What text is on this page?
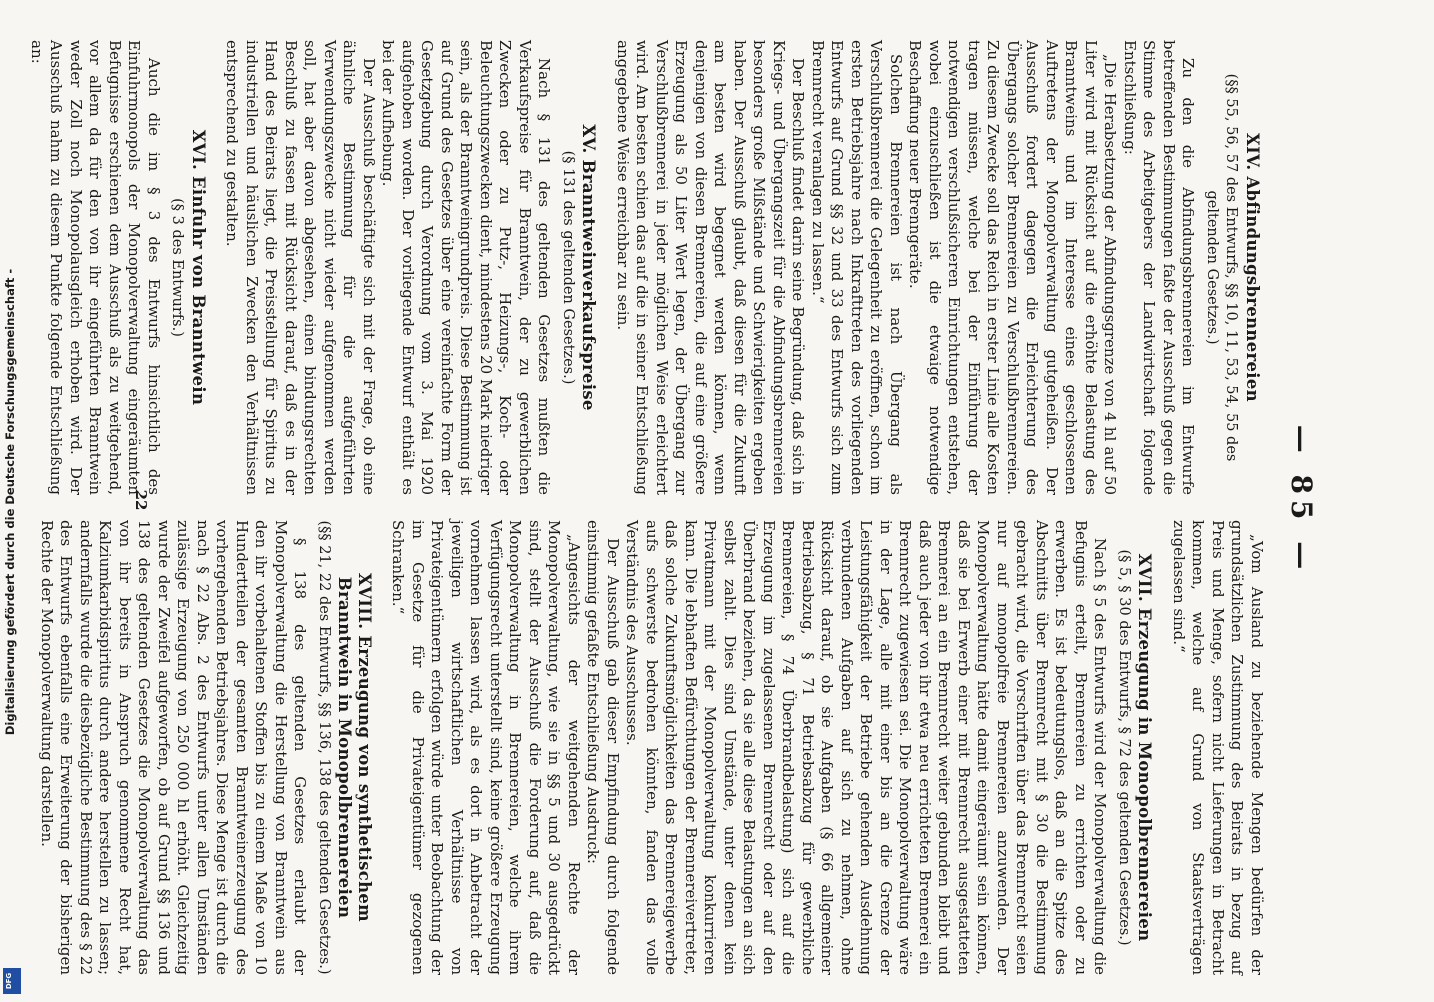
Digitalisierung gefördert durch die Deutsche Forschungsgemeinschaft -
DFG
— 85 —
XIV. Abfindungsbrennereien
(§§ 55, 56, 57 des Entwurfs, §§ 10, 11, 53, 54, 55 des geltenden Gesetzes.)

Zu den die Abfindungsbrennereien im Entwurfe betreffenden Bestimmungen faßte der Ausschuß gegen die Stimme des Arbeitgebers der Landwirtschaft folgende Entschließung:

„Die Herabsetzung der Abfindungsgrenze von 4 hl auf 50 Liter wird mit Rücksicht auf die erhöhte Belastung des Branntweins und im Interesse eines geschlossenen Auftretens der Monopolverwaltung gutgeheißen. Der Ausschuß fordert dagegen die Erleichterung des Übergangs solcher Brennereien zu Verschlußbrennereien. Zu diesem Zwecke soll das Reich in erster Linie alle Kosten tragen müssen, welche bei der Einführung der notwendigen verschlußsicheren Einrichtungen entstehen, wobei einzuschließen ist die etwaige notwendige Beschaffung neuer Brenngeräte.

Solchen Brennereien ist nach Übergang als Verschlußbrennerei die Gelegenheit zu eröffnen, schon im ersten Betriebsjahre nach Inkrafttreten des vorliegenden Entwurfs auf Grund §§ 32 und 33 des Entwurfs sich zum Brennrecht veranlagen zu lassen.“

Der Beschluß findet darin seine Begründung, daß sich in Kriegs- und Übergangszeit für die Abfindungsbrennereien besonders große Mißstände und Schwierigkeiten ergeben haben. Der Ausschuß glaubt, daß diesen für die Zukunft am besten wird begegnet werden können, wenn denjenigen von diesen Brennereien, die auf eine größere Erzeugung als 50 Liter Wert legen, der Übergang zur Verschlußbrennerei in jeder möglichen Weise erleichtert wird. Am besten schien das auf die in seiner Entschließung angegebene Weise erreichbar zu sein.

XV. Branntweinverkaufspreise
(§ 131 des geltenden Gesetzes.)

Nach § 131 des geltenden Gesetzes mußten die Verkaufspreise für Branntwein, der zu gewerblichen Zwecken oder zu Putz-, Heizungs-, Koch- oder Beleuchtungszwecken dient, mindestens 20 Mark niedriger sein, als der Branntweingrundpreis. Diese Bestimmung ist auf Grund des Gesetzes über eine vereinfachte Form der Gesetzgebung durch Verordnung vom 3. Mai 1920 aufgehoben worden. Der vorliegende Entwurf enthält es bei der Aufhebung.

Der Ausschuß beschäftigte sich mit der Frage, ob eine ähnliche Bestimmung für die aufgeführten Verwendungszwecke nicht wieder aufgenommen werden soll, hat aber davon abgesehen, einen bindungsrechten Beschluß zu fassen mit Rücksicht darauf, daß es in der Hand des Beirats liegt, die Preisstellung für Spiritus zu industriellen und häuslichen Zwecken den Verhältnissen entsprechend zu gestalten.

XVI. Einfuhr von Branntwein
(§ 3 des Entwurfs.)

Auch die im § 3 des Entwurfs hinsichtlich des Einfuhrmonopols der Monopolverwaltung eingeräumten Befugnisse erschienen dem Ausschuß als zu weitgehend, vor allem da für den von ihr eingeführten Branntwein weder Zoll noch Monopolausgleich erhoben wird. Der Ausschuß nahm zu diesem Punkte folgende Entschließung an:

„Vom Ausland zu beziehende Mengen bedürfen der grundsätzlichen Zustimmung des Beirats in bezug auf Preis und Menge, sofern nicht Lieferungen in Betracht kommen, welche auf Grund von Staatsverträgen zugelassen sind.“

XVII. Erzeugung in Monopolbrennereien
(§ 5, § 30 des Entwurfs, § 72 des geltenden Gesetzes.)

Nach § 5 des Entwurfs wird der Monopolverwaltung die Befugnis erteilt, Brennereien zu errichten oder zu erwerben. Es ist bedeutungslos, daß an die Spitze des Abschnitts über Brennrecht mit § 30 die Bestimmung gebracht wird, die Vorschriften über das Brennrecht seien nur auf monopolfreie Brennereien anzuwenden. Der Monopolverwaltung hätte damit eingeräumt sein können, daß sie bei Erwerb einer mit Brennrecht ausgestatteten Brennerei an ein Brennrecht weiter gebunden bleibt und daß auch jeder von ihr etwa neu errichteten Brennerei ein Brennrecht zugewiesen sei. Die Monopolverwaltung wäre in der Lage, alle mit einer bis an die Grenze der Leistungsfähigkeit der Betriebe gehenden Ausdehnung verbundenen Aufgaben auf sich zu nehmen, ohne Rücksicht darauf, ob sie Aufgaben (§ 66 allgemeiner Betriebsabzug, § 71 Betriebsabzug für gewerbliche Brennereien, § 74 Überbrandbelastung) sich auf die Erzeugung im zugelassenen Brennrecht oder auf den Überbrand beziehen, da sie alle diese Belastungen an sich selbst zahlt. Dies sind Umstände, unter denen kein Privatmann mit der Monopolverwaltung konkurrieren kann. Die lebhaften Befürchtungen der Brennereivertreter, daß solche Zukunftsmöglichkeiten das Brennereigewerbe aufs schwerste bedrohen könnten, fanden das volle Verständnis des Ausschusses.

Der Ausschuß gab dieser Empfindung durch folgende einstimmig gefaßte Entschließung Ausdruck:

„Angesichts der weitgehenden Rechte der Monopolverwaltung, wie sie in §§ 5 und 30 ausgedrückt sind, stellt der Ausschuß die Forderung auf, daß die Monopolverwaltung in Brennereien, welche ihrem Verfügungsrecht unterstellt sind, keine größere Erzeugung vornehmen lassen wird, als es dort in Anbetracht der jeweiligen wirtschaftlichen Verhältnisse von Privateigentümern erfolgen würde unter Beobachtung der im Gesetze für die Privateigentümer gezogenen Schranken.“

XVIII. Erzeugung von synthetischem Branntwein in Monopolbrennereien
(§§ 21, 22 des Entwurfs, §§ 136, 138 des geltenden Gesetzes.)

§ 138 des geltenden Gesetzes erlaubt der Monopolverwaltung die Herstellung von Branntwein aus den ihr vorbehaltenen Stoffen bis zu einem Maße von 10 Hundertteilen der gesamten Branntweinerzeugung des vorhergehenden Betriebsjahres. Diese Menge ist durch die nach § 22 Abs. 2 des Entwurfs unter allen Umständen zulässige Erzeugung von 250 000 hl erhöht. Gleichzeitig wurde der Zweifel aufgeworfen, ob auf Grund §§ 136 und 138 des geltenden Gesetzes die Monopolverwaltung das von ihr bereits in Anspruch genommene Recht hat, Kalziumkarbidspiritus durch andere herstellen zu lassen; andernfalls wurde die diesbezügliche Bestimmung des § 22 des Entwurfs ebenfalls eine Erweiterung der bisherigen Rechte der Monopolverwaltung darstellen.

22
